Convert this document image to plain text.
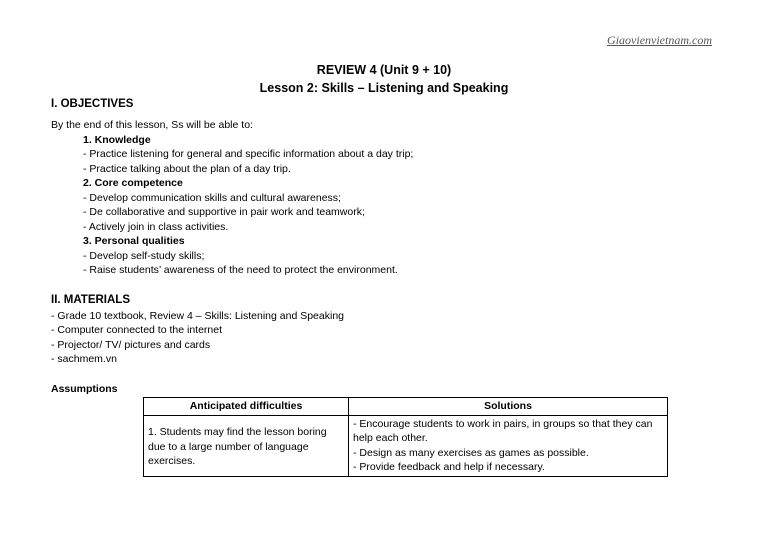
Giaovienvietnam.com
REVIEW 4 (Unit 9 + 10)
Lesson 2: Skills – Listening and Speaking
I. OBJECTIVES
By the end of this lesson, Ss will be able to:
1. Knowledge
- Practice listening for general and specific information about a day trip;
- Practice talking about the plan of a day trip.
2. Core competence
- Develop communication skills and cultural awareness;
- De collaborative and supportive in pair work and teamwork;
- Actively join in class activities.
3. Personal qualities
- Develop self-study skills;
- Raise students’ awareness of the need to protect the environment.
II. MATERIALS
- Grade 10 textbook, Review 4 – Skills: Listening and Speaking
- Computer connected to the internet
- Projector/ TV/ pictures and cards
- sachmem.vn
Assumptions
Anticipated difficulties	Solutions
1. Students may find the lesson boring due to a large number of language exercises.	- Encourage students to work in pairs, in groups so that they can help each other.
- Design as many exercises as games as possible.
- Provide feedback and help if necessary.
